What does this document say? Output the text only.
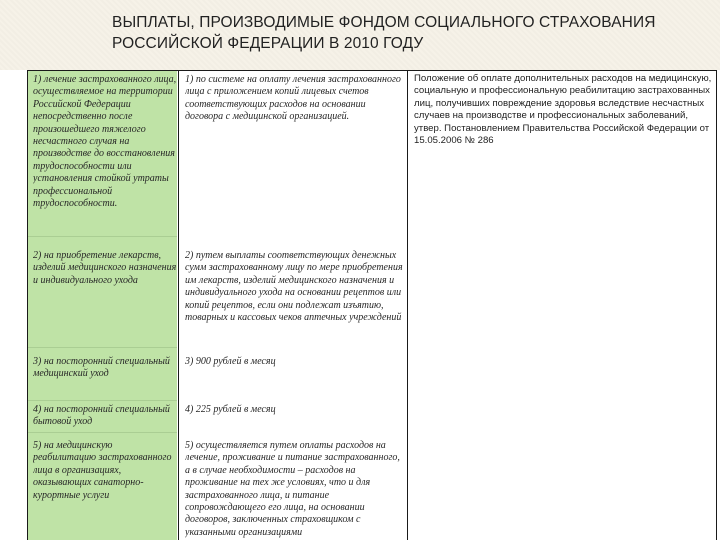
ВЫПЛАТЫ, ПРОИЗВОДИМЫЕ ФОНДОМ СОЦИАЛЬНОГО СТРАХОВАНИЯ
РОССИЙСКОЙ ФЕДЕРАЦИИ В 2010 ГОДУ
Положение об оплате дополнительных расходов на медицинскую, социальную и профессиональную реабилитацию застрахованных лиц, получивших повреждение здоровья вследствие несчастных случаев на производстве и профессиональных заболеваний, утвер. Постановлением Правительства Российской Федерации от 15.05.2006 № 286
1) лечение застрахованного лица, осуществляемое на территории Российской Федерации непосредственно после произошедшего тяжелого несчастного случая на производстве до восстановления трудоспособности или установления стойкой утраты профессиональной трудоспособности.
1) по системе на оплату лечения застрахованного лица с приложением копий лицевых счетов соответствующих расходов на основании договора с медицинской организацией.
2) на приобретение лекарств, изделий медицинского назначения и индивидуального ухода
2) путем выплаты соответствующих денежных сумм застрахованному лицу по мере приобретения им лекарств, изделий медицинского назначения и индивидуального ухода на основании рецептов или копий рецептов, если они подлежат изъятию, товарных и кассовых чеков аптечных учреждений
3) на посторонний специальный медицинский уход
3) 900 рублей в месяц
4) на посторонний специальный бытовой уход
4) 225 рублей в месяц
5) на медицинскую реабилитацию застрахованного лица в организациях, оказывающих санаторно-курортные услуги
5) осуществляется путем оплаты расходов на лечение, проживание и питание застрахованного, а в случае необходимости – расходов на проживание на тех же условиях, что и для застрахованного лица, и питание сопровождающего его лица, на основании договоров, заключенных страховщиком с указанными организациями
